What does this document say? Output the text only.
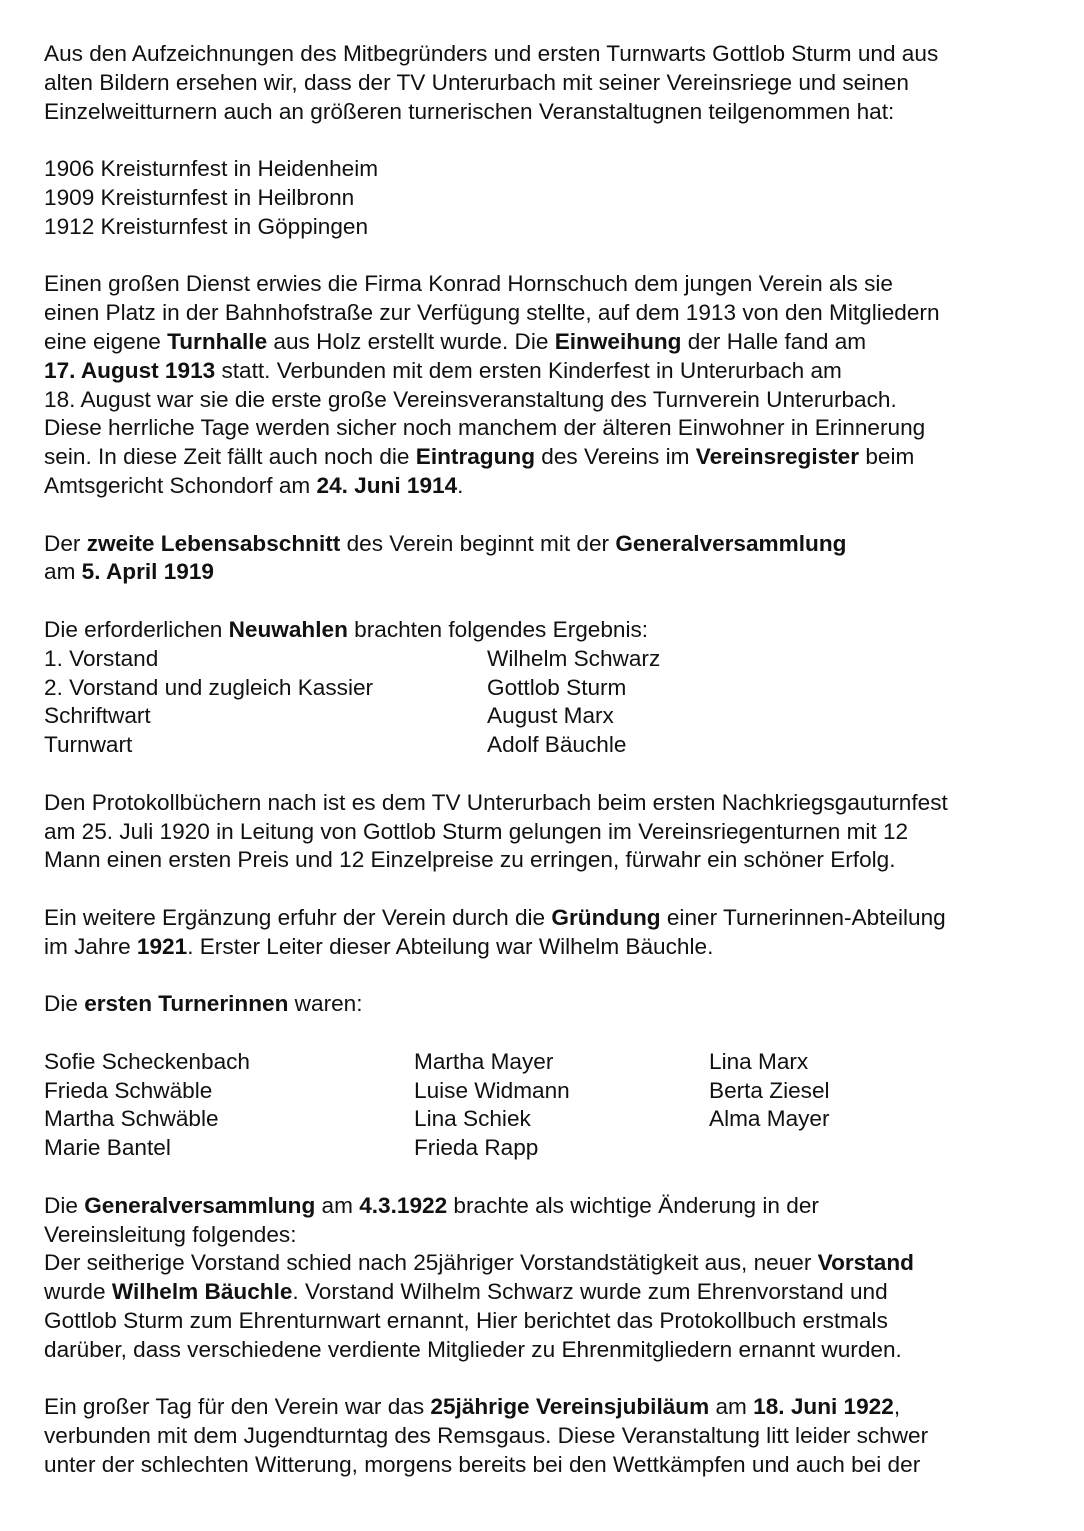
Aus den Aufzeichnungen des Mitbegründers und ersten Turnwarts Gottlob Sturm und aus
alten Bildern ersehen wir, dass der TV Unterurbach mit seiner Vereinsriege und seinen
Einzelweitturnern auch an größeren turnerischen Veranstaltugnen teilgenommen hat:
1906 Kreisturnfest in Heidenheim
1909 Kreisturnfest in Heilbronn
1912 Kreisturnfest in Göppingen
Einen großen Dienst erwies die Firma Konrad Hornschuch dem jungen Verein als sie
einen Platz in der Bahnhofstraße zur Verfügung stellte, auf dem 1913 von den Mitgliedern
eine eigene Turnhalle aus Holz erstellt wurde. Die Einweihung der Halle fand am
17. August 1913 statt. Verbunden mit dem ersten Kinderfest in Unterurbach am
18. August war sie die erste große Vereinsveranstaltung des Turnverein Unterurbach.
Diese herrliche Tage werden sicher noch manchem der älteren Einwohner in Erinnerung
sein. In diese Zeit fällt auch noch die Eintragung des Vereins im Vereinsregister beim
Amtsgericht Schondorf am 24. Juni 1914.
Der zweite Lebensabschnitt des Verein beginnt mit der Generalversammlung
am 5. April 1919
Die erforderlichen Neuwahlen brachten folgendes Ergebnis:
1. Vorstand	Wilhelm Schwarz
2. Vorstand und zugleich Kassier	Gottlob Sturm
Schriftwart	August Marx
Turnwart	Adolf Bäuchle
Den Protokollbüchern nach ist es dem TV Unterurbach beim ersten Nachkriegsgauturnfest
am 25. Juli 1920 in Leitung von Gottlob Sturm gelungen im Vereinsriegenturnen mit 12
Mann einen ersten Preis und 12 Einzelpreise zu erringen, fürwahr ein schöner Erfolg.
Ein weitere Ergänzung erfuhr der Verein durch die Gründung einer Turnerinnen-Abteilung
im Jahre 1921. Erster Leiter dieser Abteilung war Wilhelm Bäuchle.
Die ersten Turnerinnen waren:
Sofie Scheckenbach	Martha Mayer	Lina Marx
Frieda Schwäble	Luise Widmann	Berta Ziesel
Martha Schwäble	Lina Schiek	Alma Mayer
Marie Bantel	Frieda Rapp
Die Generalversammlung am 4.3.1922 brachte als wichtige Änderung in der
Vereinsleitung folgendes:
Der seitherige Vorstand schied nach 25jähriger Vorstandstätigkeit aus, neuer Vorstand
wurde Wilhelm Bäuchle. Vorstand Wilhelm Schwarz wurde zum Ehrenvorstand und
Gottlob Sturm zum Ehrenturnwart ernannt, Hier berichtet das Protokollbuch erstmals
darüber, dass verschiedene verdiente Mitglieder zu Ehrenmitgliedern ernannt wurden.
Ein großer Tag für den Verein war das 25jährige Vereinsjubiläum am 18. Juni 1922,
verbunden mit dem Jugendturntag des Remsgaus. Diese Veranstaltung litt leider schwer
unter der schlechten Witterung, morgens bereits bei den Wettkämpfen und auch bei der
